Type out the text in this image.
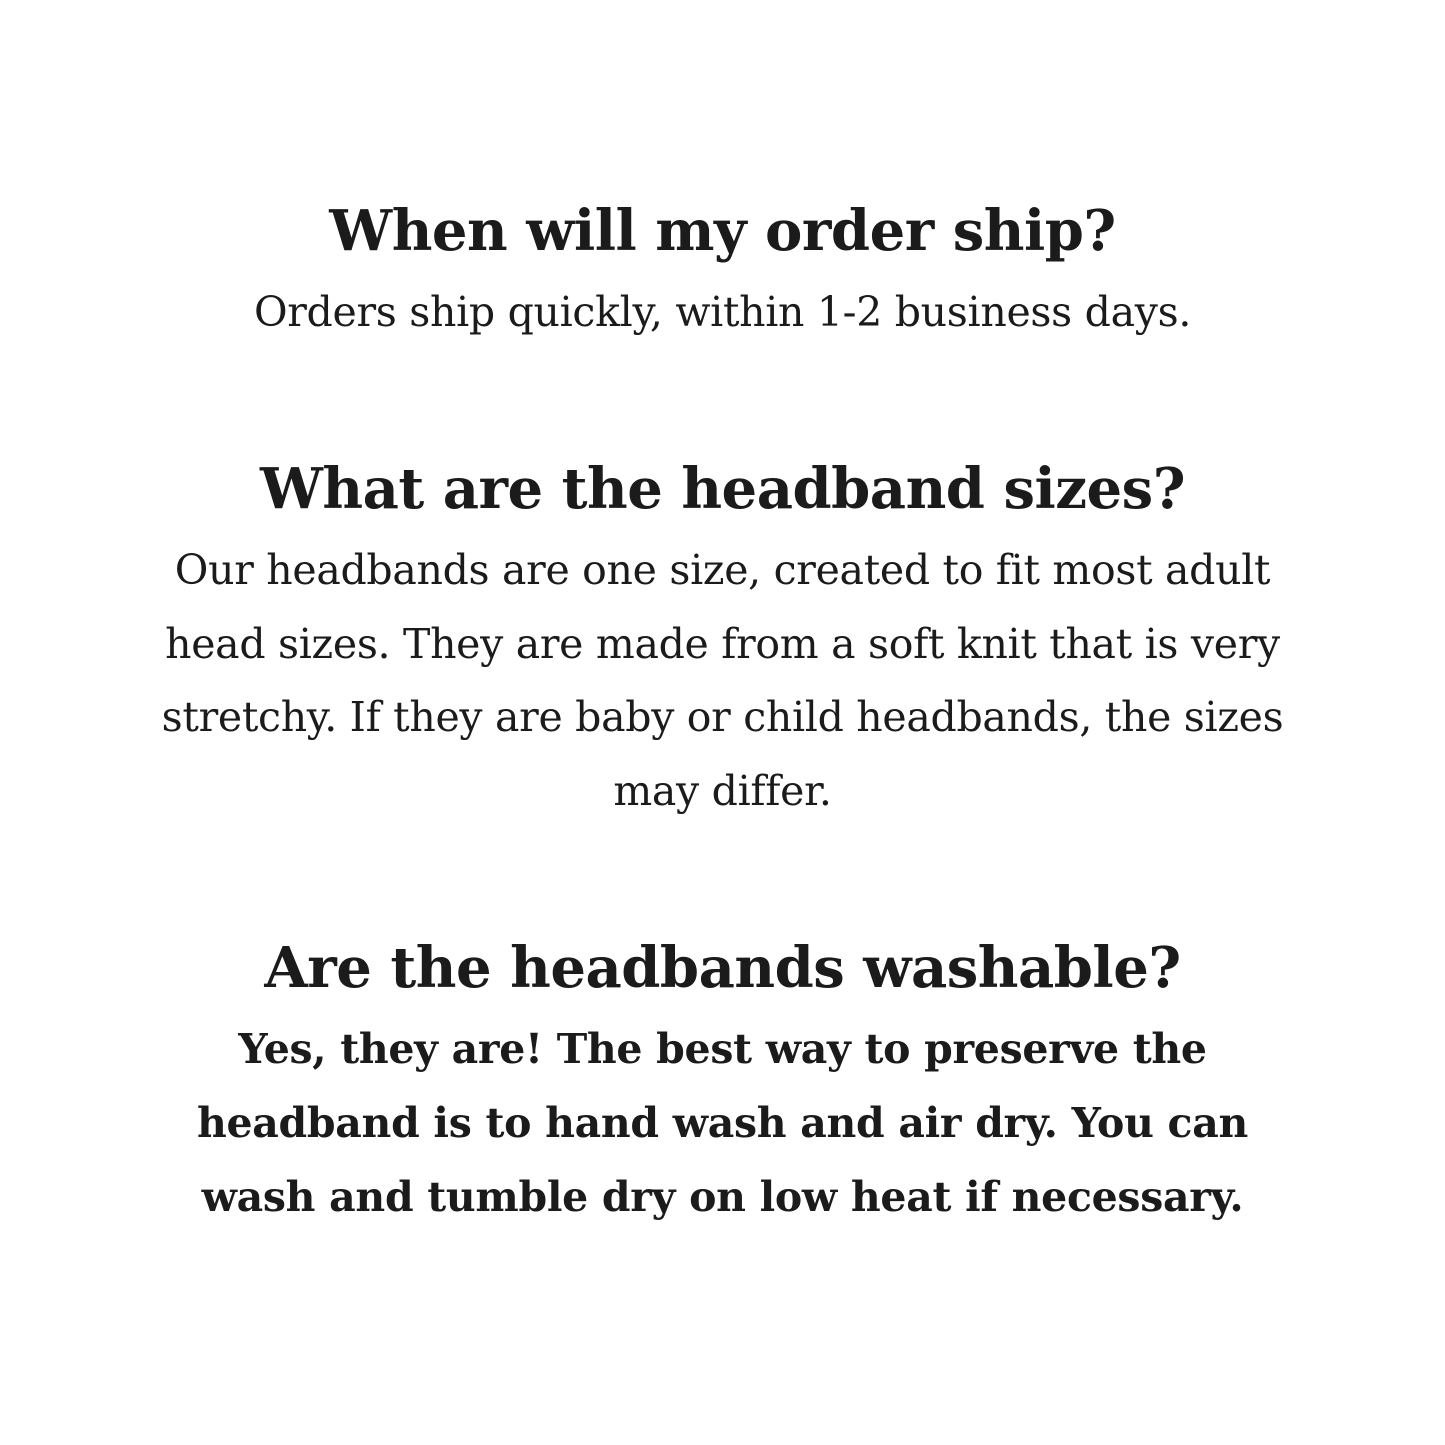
When will my order ship?

Orders ship quickly, within 1-2 business days.

What are the headband sizes?

Our headbands are one size, created to fit most adult head sizes. They are made from a soft knit that is very stretchy. If they are baby or child headbands, the sizes may differ.

Are the headbands washable?

Yes, they are! The best way to preserve the headband is to hand wash and air dry. You can wash and tumble dry on low heat if necessary.
